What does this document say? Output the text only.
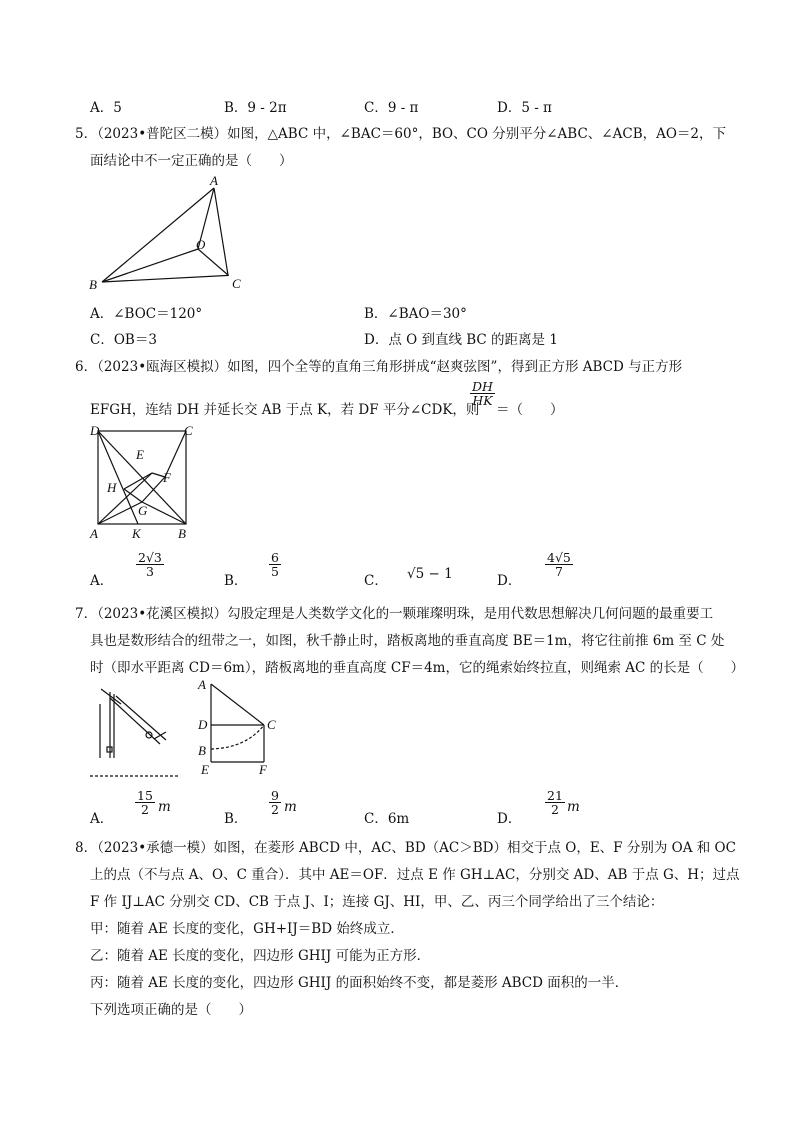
A．5	B．9 - 2π	C．9 - π	D．5 - π
5．（2023•普陀区二模）如图，△ABC 中，∠BAC＝60°，BO、CO 分别平分∠ABC、∠ACB，AO＝2，下
面结论中不一定正确的是（　　）
A
B	C
O
A．∠BOC＝120°	B．∠BAO＝30°
C．OB＝3	D．点 O 到直线 BC 的距离是 1
6．（2023•瓯海区模拟）如图，四个全等的直角三角形拼成“赵爽弦图”，得到正方形 ABCD 与正方形
EFGH，连结 DH 并延长交 AB 于点 K，若 DF 平分∠CDK，则
DH
HK
＝（　　）
D	C
A	K	B
E
F
H
G
A．
2√3
3
B．
6
5
C． √5 − 1	D．
4√5
7
7．（2023•花溪区模拟）勾股定理是人类数学文化的一颗璀璨明珠，是用代数思想解决几何问题的最重要工
具也是数形结合的纽带之一，如图，秋千静止时，踏板离地的垂直高度 BE＝1m，将它往前推 6m 至 C 处
时（即水平距离 CD＝6m），踏板离地的垂直高度 CF＝4m，它的绳索始终拉直，则绳索 AC 的长是（　　）
A
D	C
B
E	F
A．
15
2 m
B．
9
2 m
C．6m	D．
21
2 m
8．（2023•承德一模）如图，在菱形 ABCD 中，AC、BD（AC＞BD）相交于点 O，E、F 分别为 OA 和 OC
上的点（不与点 A、O、C 重合）．其中 AE＝OF．过点 E 作 GH⊥AC，分别交 AD、AB 于点 G、H；过点
F 作 IJ⊥AC 分别交 CD、CB 于点 J、I；连接 GJ、HI，甲、乙、丙三个同学给出了三个结论：
甲：随着 AE 长度的变化，GH+IJ＝BD 始终成立．
乙：随着 AE 长度的变化，四边形 GHIJ 可能为正方形．
丙：随着 AE 长度的变化，四边形 GHIJ 的面积始终不变，都是菱形 ABCD 面积的一半．
下列选项正确的是（　　）
